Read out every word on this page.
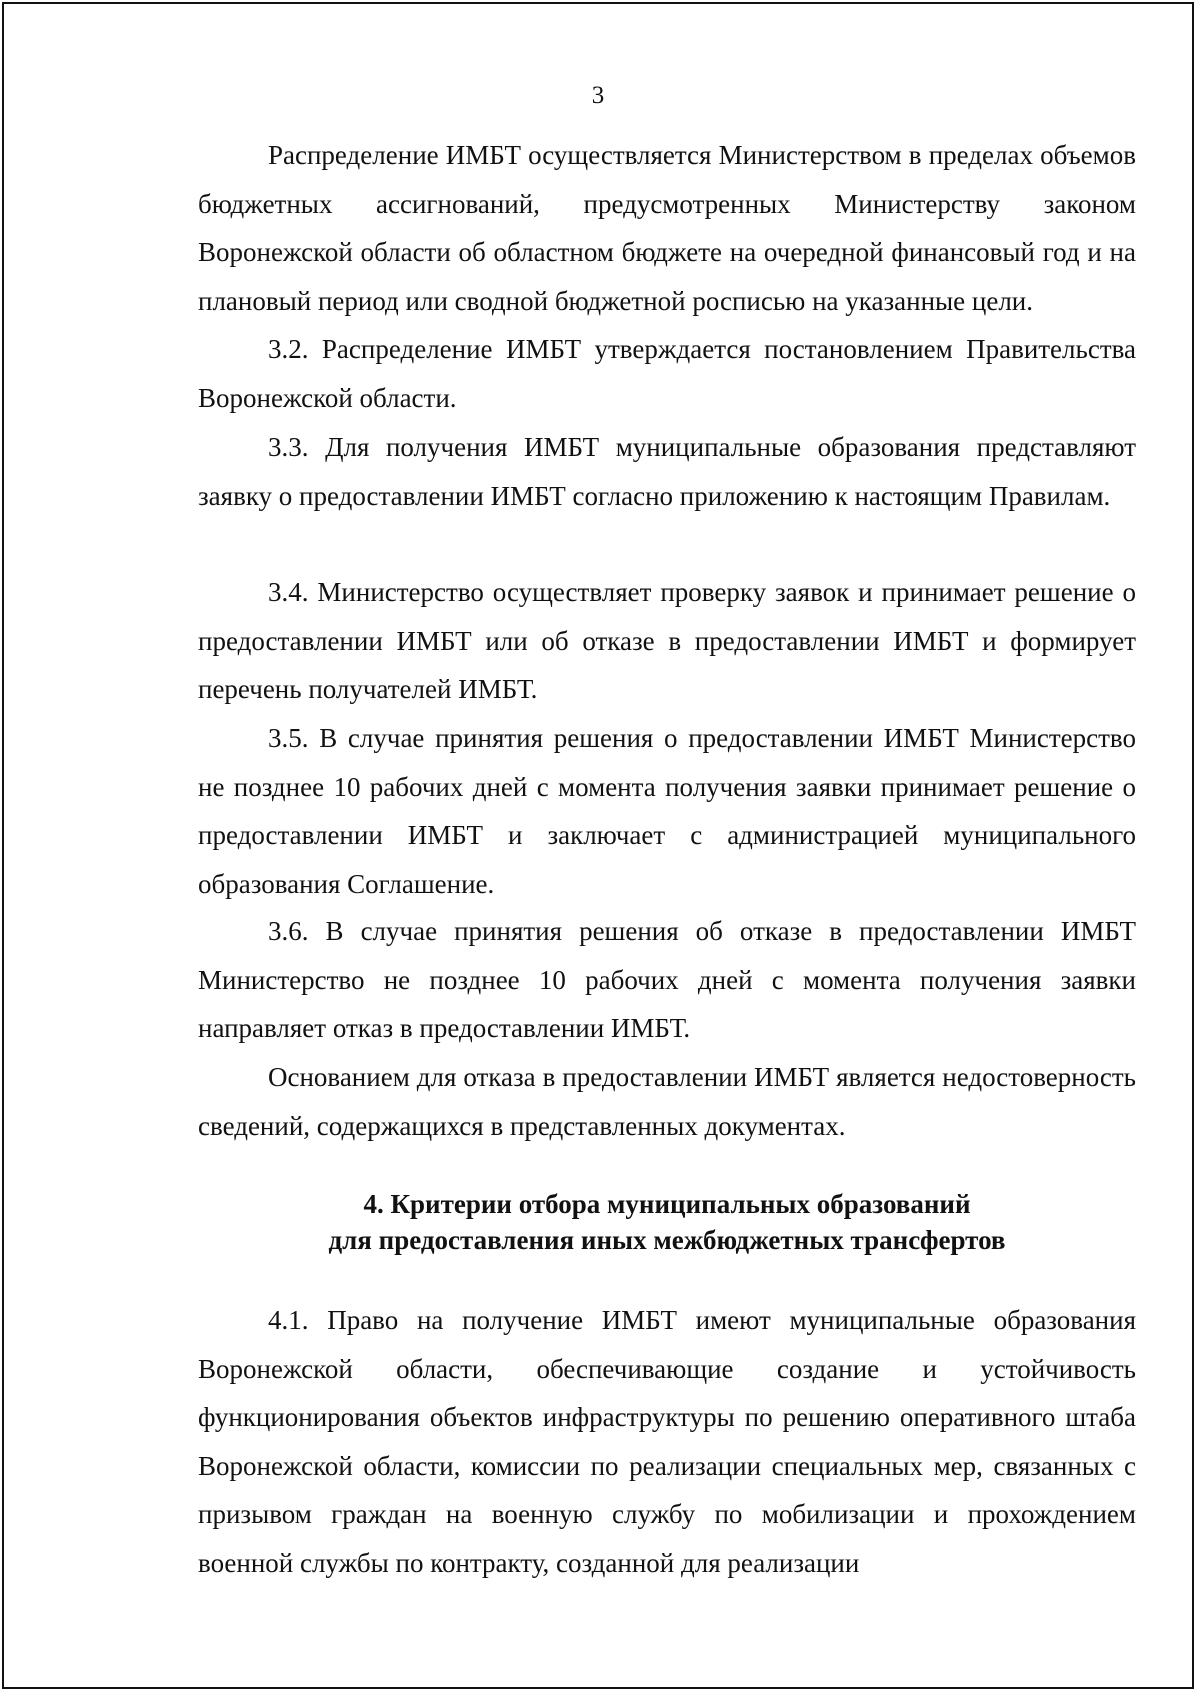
3

Распределение ИМБТ осуществляется Министерством в пределах объемов бюджетных ассигнований, предусмотренных Министерству законом Воронежской области об областном бюджете на очередной финансовый год и на плановый период или сводной бюджетной росписью на указанные цели.

3.2. Распределение ИМБТ утверждается постановлением Правительства Воронежской области.

3.3. Для получения ИМБТ муниципальные образования представляют заявку о предоставлении ИМБТ согласно приложению к настоящим Правилам.

3.4. Министерство осуществляет проверку заявок и принимает решение о предоставлении ИМБТ или об отказе в предоставлении ИМБТ и формирует перечень получателей ИМБТ.

3.5. В случае принятия решения о предоставлении ИМБТ Министерство не позднее 10 рабочих дней с момента получения заявки принимает решение о предоставлении ИМБТ и заключает с администрацией муниципального образования Соглашение.

3.6. В случае принятия решения об отказе в предоставлении ИМБТ Министерство не позднее 10 рабочих дней с момента получения заявки направляет отказ в предоставлении ИМБТ.

Основанием для отказа в предоставлении ИМБТ является недостоверность сведений, содержащихся в представленных документах.

4. Критерии отбора муниципальных образований
для предоставления иных межбюджетных трансфертов

4.1. Право на получение ИМБТ имеют муниципальные образования Воронежской области, обеспечивающие создание и устойчивость функционирования объектов инфраструктуры по решению оперативного штаба Воронежской области, комиссии по реализации специальных мер, связанных с призывом граждан на военную службу по мобилизации и прохождением военной службы по контракту, созданной для реализации
